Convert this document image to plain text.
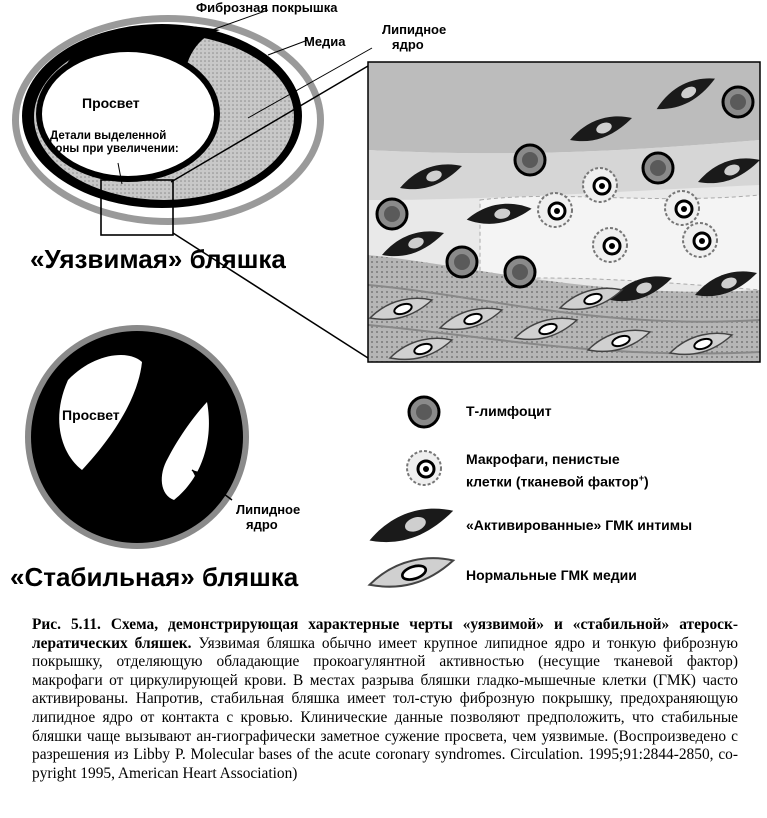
Фиброзная покрышка
Медиа
Липидное
ядро
Просвет
Детали выделенной
зоны при увеличении:
«Уязвимая» бляшка
Просвет
Липидное
ядро
«Стабильная» бляшка
Т-лимфоцит
Макрофаги, пенистые
клетки (тканевой фактор+)
«Активированные» ГМК интимы
Нормальные ГМК медии
Рис. 5.11. Схема, демонстрирующая характерные черты «уязвимой» и «стабильной» атероск-лератических бляшек. Уязвимая бляшка обычно имеет крупное липидное ядро и тонкую фиброзную покрышку, отделяющую обладающие прокоагулянтной активностью (несущие тканевой фактор) макрофаги от циркулирующей крови. В местах разрыва бляшки гладко-мышечные клетки (ГМК) часто активированы. Напротив, стабильная бляшка имеет тол-стую фиброзную покрышку, предохраняющую липидное ядро от контакта с кровью. Клинические данные позволяют предположить, что стабильные бляшки чаще вызывают ан-гиографически заметное сужение просвета, чем уязвимые. (Воспроизведено с разрешения из Libby P. Molecular bases of the acute coronary syndromes. Circulation. 1995;91:2844-2850, co-pyright 1995, American Heart Association)
